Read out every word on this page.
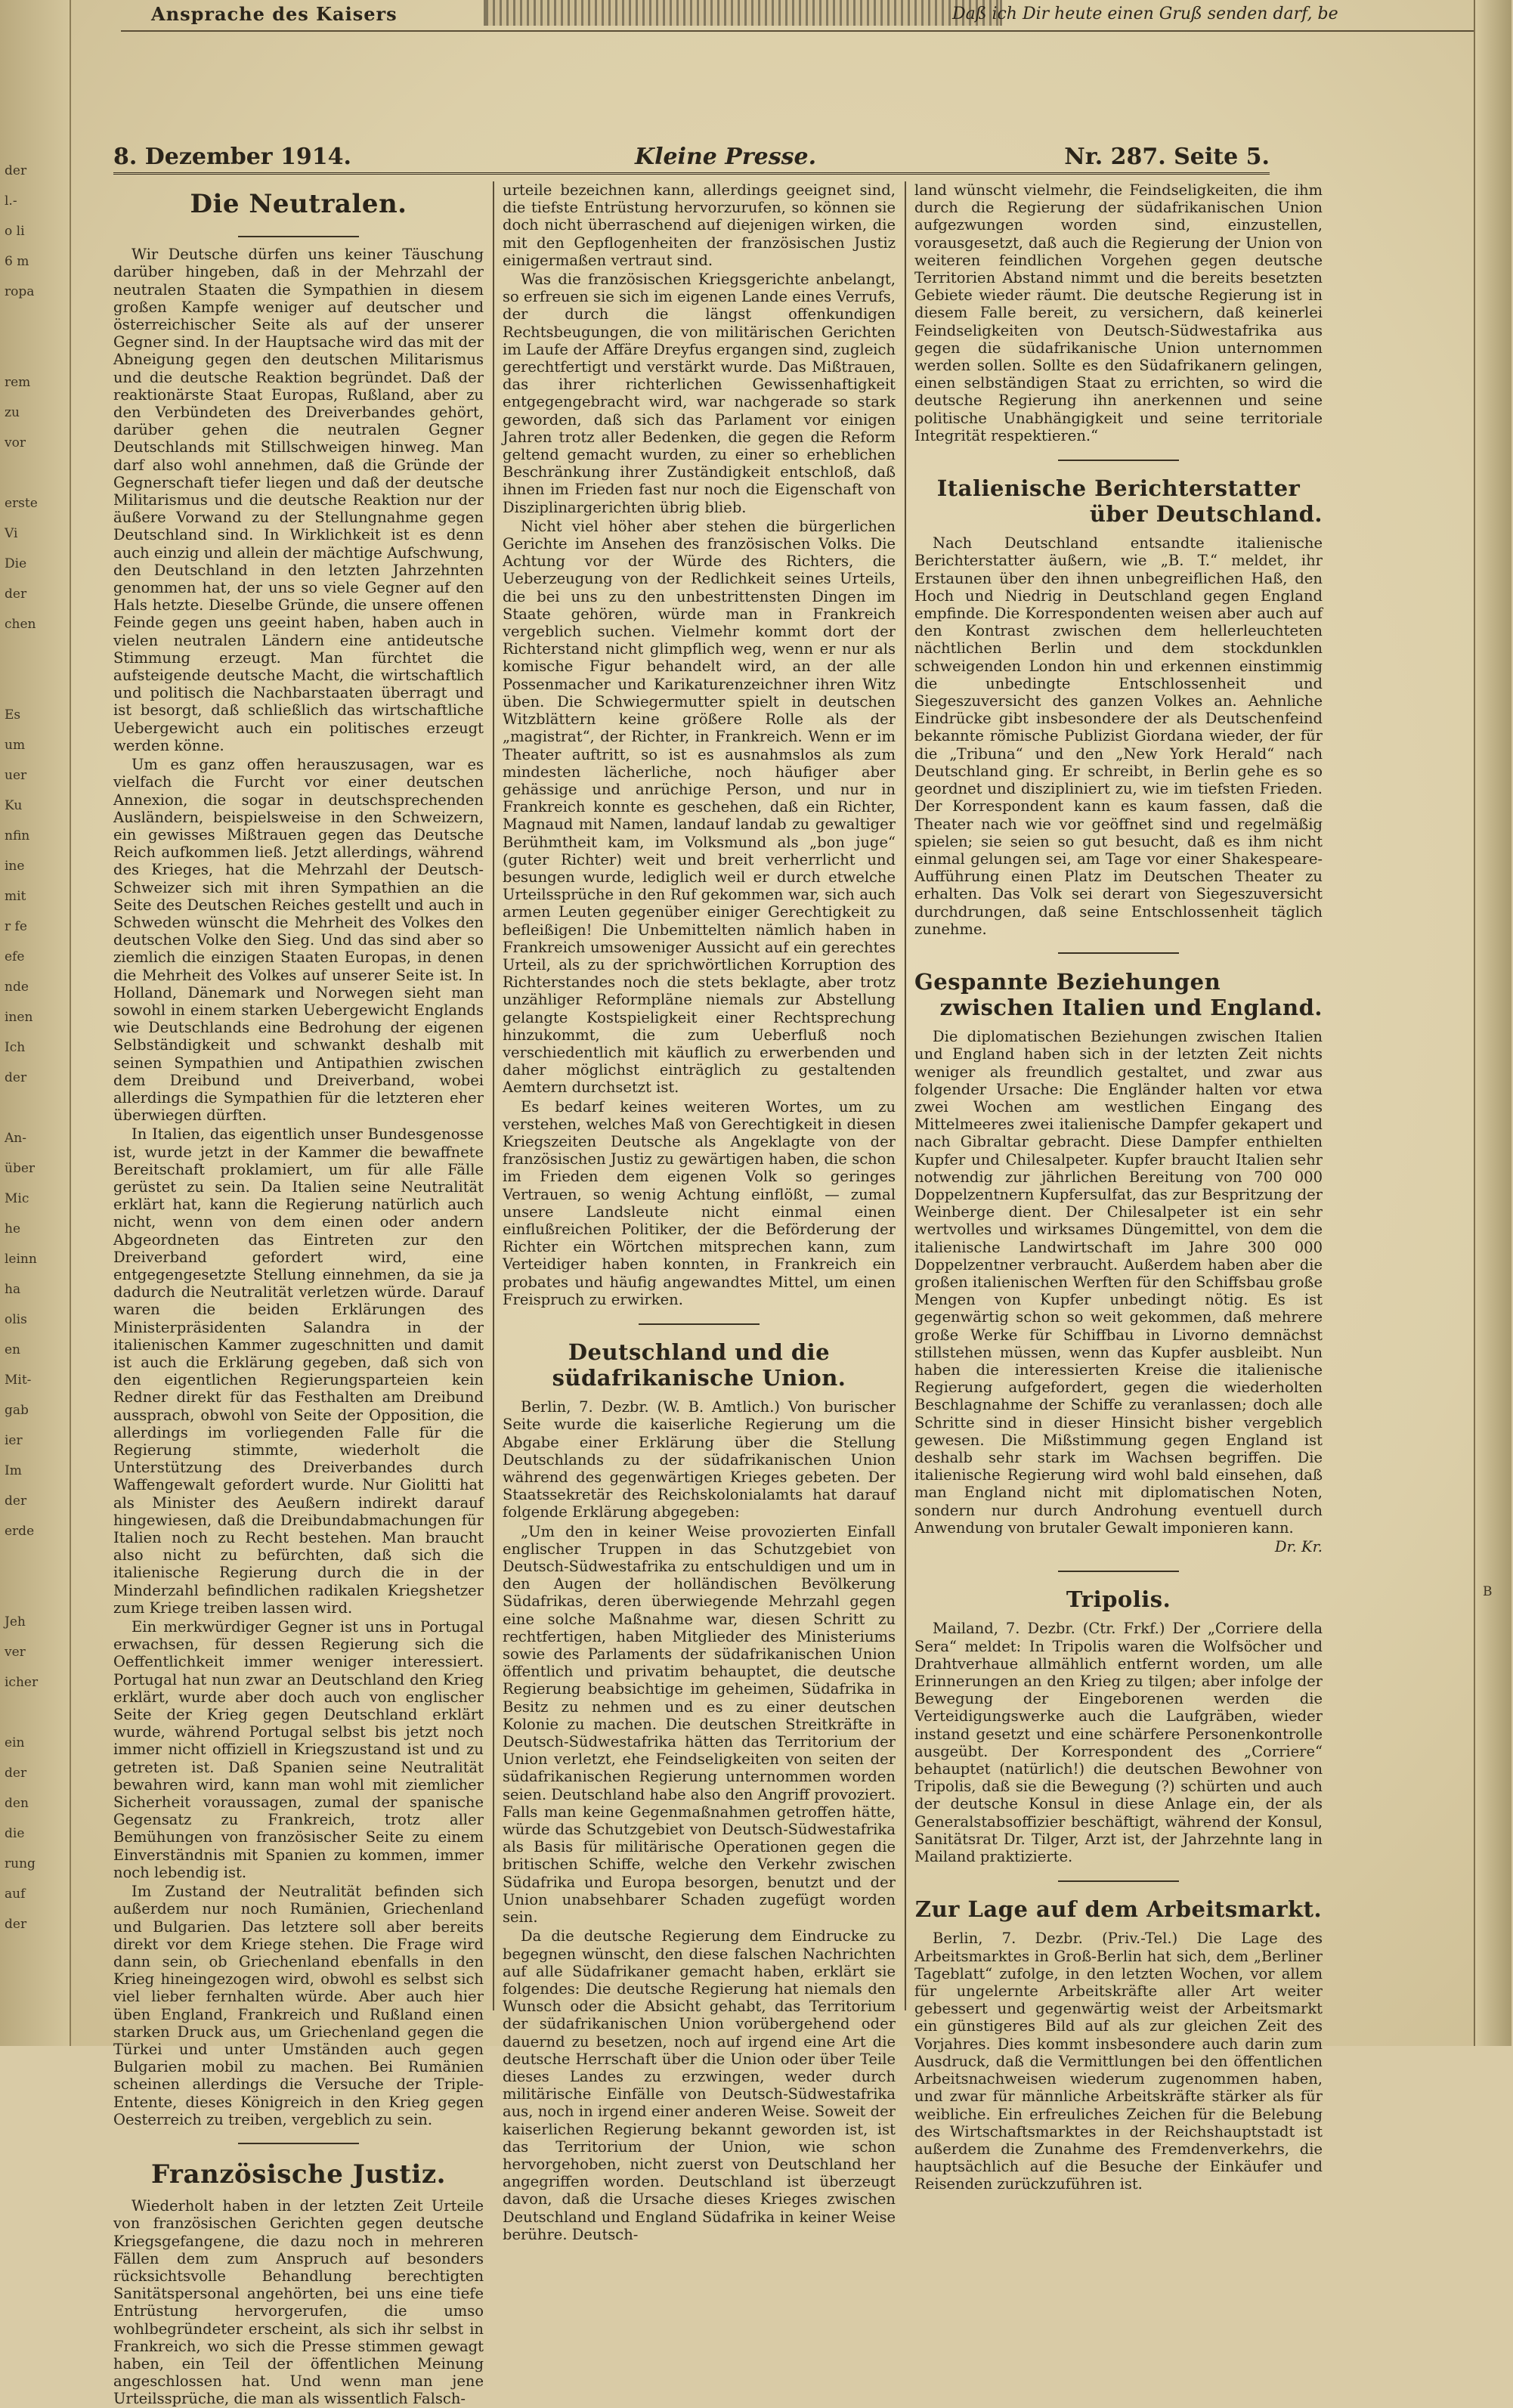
der
l.-
o li
6 m
ropa
rem
zu
vor
erste
Vi
Die
der
chen
Es
um
uer
Ku
nfin
ine
mit
r fe
efe
nde
inen
Ich
der
An-
über
Mic
he
leinn
ha
olis
en
Mit-
gab
ier
Im
der
erde
Jeh
ver
icher
ein
der
den
die
rung
auf
der
B
Ansprache des Kaisers	Daß ich Dir heute einen Gruß senden darf, be
8. Dezember 1914.	Kleine Presse.	Nr. 287. Seite 5.
Die Neutralen.

Wir Deutsche dürfen uns keiner Täuschung darüber hingeben, daß in der Mehrzahl der neutralen Staaten die Sympathien in diesem großen Kampfe weniger auf deutscher und österreichischer Seite als auf der unserer Gegner sind. In der Hauptsache wird das mit der Abneigung gegen den deutschen Militarismus und die deutsche Reaktion begründet. Daß der reaktionärste Staat Europas, Rußland, aber zu den Verbündeten des Dreiverbandes gehört, darüber gehen die neutralen Gegner Deutschlands mit Stillschweigen hinweg. Man darf also wohl annehmen, daß die Gründe der Gegnerschaft tiefer liegen und daß der deutsche Militarismus und die deutsche Reaktion nur der äußere Vorwand zu der Stellungnahme gegen Deutschland sind. In Wirklichkeit ist es denn auch einzig und allein der mächtige Aufschwung, den Deutschland in den letzten Jahrzehnten genommen hat, der uns so viele Gegner auf den Hals hetzte. Dieselbe Gründe, die unsere offenen Feinde gegen uns geeint haben, haben auch in vielen neutralen Ländern eine antideutsche Stimmung erzeugt. Man fürchtet die aufsteigende deutsche Macht, die wirtschaftlich und politisch die Nachbarstaaten überragt und ist besorgt, daß schließlich das wirtschaftliche Uebergewicht auch ein politisches erzeugt werden könne.

Um es ganz offen herauszusagen, war es vielfach die Furcht vor einer deutschen Annexion, die sogar in deutschsprechenden Ausländern, beispielsweise in den Schweizern, ein gewisses Mißtrauen gegen das Deutsche Reich aufkommen ließ. Jetzt allerdings, während des Krieges, hat die Mehrzahl der Deutsch-Schweizer sich mit ihren Sympathien an die Seite des Deutschen Reiches gestellt und auch in Schweden wünscht die Mehrheit des Volkes den deutschen Volke den Sieg. Und das sind aber so ziemlich die einzigen Staaten Europas, in denen die Mehrheit des Volkes auf unserer Seite ist. In Holland, Dänemark und Norwegen sieht man sowohl in einem starken Uebergewicht Englands wie Deutschlands eine Bedrohung der eigenen Selbständigkeit und schwankt deshalb mit seinen Sympathien und Antipathien zwischen dem Dreibund und Dreiverband, wobei allerdings die Sympathien für die letzteren eher überwiegen dürften.

In Italien, das eigentlich unser Bundesgenosse ist, wurde jetzt in der Kammer die bewaffnete Bereitschaft proklamiert, um für alle Fälle gerüstet zu sein. Da Italien seine Neutralität erklärt hat, kann die Regierung natürlich auch nicht, wenn von dem einen oder andern Abgeordneten das Eintreten zur den Dreiverband gefordert wird, eine entgegengesetzte Stellung einnehmen, da sie ja dadurch die Neutralität verletzen würde. Darauf waren die beiden Erklärungen des Ministerpräsidenten Salandra in der italienischen Kammer zugeschnitten und damit ist auch die Erklärung gegeben, daß sich von den eigentlichen Regierungsparteien kein Redner direkt für das Festhalten am Dreibund aussprach, obwohl von Seite der Opposition, die allerdings im vorliegenden Falle für die Regierung stimmte, wiederholt die Unterstützung des Dreiverbandes durch Waffengewalt gefordert wurde. Nur Giolitti hat als Minister des Aeußern indirekt darauf hingewiesen, daß die Dreibundabmachungen für Italien noch zu Recht bestehen. Man braucht also nicht zu befürchten, daß sich die italienische Regierung durch die in der Minderzahl befindlichen radikalen Kriegshetzer zum Kriege treiben lassen wird.

Ein merkwürdiger Gegner ist uns in Portugal erwachsen, für dessen Regierung sich die Oeffentlichkeit immer weniger interessiert. Portugal hat nun zwar an Deutschland den Krieg erklärt, wurde aber doch auch von englischer Seite der Krieg gegen Deutschland erklärt wurde, während Portugal selbst bis jetzt noch immer nicht offiziell in Kriegszustand ist und zu getreten ist. Daß Spanien seine Neutralität bewahren wird, kann man wohl mit ziemlicher Sicherheit voraussagen, zumal der spanische Gegensatz zu Frankreich, trotz aller Bemühungen von französischer Seite zu einem Einverständnis mit Spanien zu kommen, immer noch lebendig ist.

Im Zustand der Neutralität befinden sich außerdem nur noch Rumänien, Griechenland und Bulgarien. Das letztere soll aber bereits direkt vor dem Kriege stehen. Die Frage wird dann sein, ob Griechenland ebenfalls in den Krieg hineingezogen wird, obwohl es selbst sich viel lieber fernhalten würde. Aber auch hier üben England, Frankreich und Rußland einen starken Druck aus, um Griechenland gegen die Türkei und unter Umständen auch gegen Bulgarien mobil zu machen. Bei Rumänien scheinen allerdings die Versuche der Triple-Entente, dieses Königreich in den Krieg gegen Oesterreich zu treiben, vergeblich zu sein.

Französische Justiz.

Wiederholt haben in der letzten Zeit Urteile von französischen Gerichten gegen deutsche Kriegsgefangene, die dazu noch in mehreren Fällen dem zum Anspruch auf besonders rücksichtsvolle Behandlung berechtigten Sanitätspersonal angehörten, bei uns eine tiefe Entrüstung hervorgerufen, die umso wohlbegründeter erscheint, als sich ihr selbst in Frankreich, wo sich die Presse stimmen gewagt haben, ein Teil der öffentlichen Meinung angeschlossen hat. Und wenn man jene Urteilssprüche, die man als wissentlich Falsch-

urteile bezeichnen kann, allerdings geeignet sind, die tiefste Entrüstung hervorzurufen, so können sie doch nicht überraschend auf diejenigen wirken, die mit den Gepflogenheiten der französischen Justiz einigermaßen vertraut sind.

Was die französischen Kriegsgerichte anbelangt, so erfreuen sie sich im eigenen Lande eines Verrufs, der durch die längst offenkundigen Rechtsbeugungen, die von militärischen Gerichten im Laufe der Affäre Dreyfus ergangen sind, zugleich gerechtfertigt und verstärkt wurde. Das Mißtrauen, das ihrer richterlichen Gewissenhaftigkeit entgegengebracht wird, war nachgerade so stark geworden, daß sich das Parlament vor einigen Jahren trotz aller Bedenken, die gegen die Reform geltend gemacht wurden, zu einer so erheblichen Beschränkung ihrer Zuständigkeit entschloß, daß ihnen im Frieden fast nur noch die Eigenschaft von Disziplinargerichten übrig blieb.

Nicht viel höher aber stehen die bürgerlichen Gerichte im Ansehen des französischen Volks. Die Achtung vor der Würde des Richters, die Ueberzeugung von der Redlichkeit seines Urteils, die bei uns zu den unbestrittensten Dingen im Staate gehören, würde man in Frankreich vergeblich suchen. Vielmehr kommt dort der Richterstand nicht glimpflich weg, wenn er nur als komische Figur behandelt wird, an der alle Possenmacher und Karikaturenzeichner ihren Witz üben. Die Schwiegermutter spielt in deutschen Witzblättern keine größere Rolle als der „magistrat“, der Richter, in Frankreich. Wenn er im Theater auftritt, so ist es ausnahmslos als zum mindesten lächerliche, noch häufiger aber gehässige und anrüchige Person, und nur in Frankreich konnte es geschehen, daß ein Richter, Magnaud mit Namen, landauf landab zu gewaltiger Berühmtheit kam, im Volksmund als „bon juge“ (guter Richter) weit und breit verherrlicht und besungen wurde, lediglich weil er durch etwelche Urteilssprüche in den Ruf gekommen war, sich auch armen Leuten gegenüber einiger Gerechtigkeit zu befleißigen! Die Unbemittelten nämlich haben in Frankreich umsoweniger Aussicht auf ein gerechtes Urteil, als zu der sprichwörtlichen Korruption des Richterstandes noch die stets beklagte, aber trotz unzähliger Reformpläne niemals zur Abstellung gelangte Kostspieligkeit einer Rechtsprechung hinzukommt, die zum Ueberfluß noch verschiedentlich mit käuflich zu erwerbenden und daher möglichst einträglich zu gestaltenden Aemtern durchsetzt ist.

Es bedarf keines weiteren Wortes, um zu verstehen, welches Maß von Gerechtigkeit in diesen Kriegszeiten Deutsche als Angeklagte von der französischen Justiz zu gewärtigen haben, die schon im Frieden dem eigenen Volk so geringes Vertrauen, so wenig Achtung einflößt, — zumal unsere Landsleute nicht einmal einen einflußreichen Politiker, der die Beförderung der Richter ein Wörtchen mitsprechen kann, zum Verteidiger haben konnten, in Frankreich ein probates und häufig angewandtes Mittel, um einen Freispruch zu erwirken.

Deutschland und die südafrikanische Union.

Berlin, 7. Dezbr. (W. B. Amtlich.) Von burischer Seite wurde die kaiserliche Regierung um die Abgabe einer Erklärung über die Stellung Deutschlands zu der südafrikanischen Union während des gegenwärtigen Krieges gebeten. Der Staatssekretär des Reichskolonialamts hat darauf folgende Erklärung abgegeben:

„Um den in keiner Weise provozierten Einfall englischer Truppen in das Schutzgebiet von Deutsch-Südwestafrika zu entschuldigen und um in den Augen der holländischen Bevölkerung Südafrikas, deren überwiegende Mehrzahl gegen eine solche Maßnahme war, diesen Schritt zu rechtfertigen, haben Mitglieder des Ministeriums sowie des Parlaments der südafrikanischen Union öffentlich und privatim behauptet, die deutsche Regierung beabsichtige im geheimen, Südafrika in Besitz zu nehmen und es zu einer deutschen Kolonie zu machen. Die deutschen Streitkräfte in Deutsch-Südwestafrika hätten das Territorium der Union verletzt, ehe Feindseligkeiten von seiten der südafrikanischen Regierung unternommen worden seien. Deutschland habe also den Angriff provoziert. Falls man keine Gegenmaßnahmen getroffen hätte, würde das Schutzgebiet von Deutsch-Südwestafrika als Basis für militärische Operationen gegen die britischen Schiffe, welche den Verkehr zwischen Südafrika und Europa besorgen, benutzt und der Union unabsehbarer Schaden zugefügt worden sein.

Da die deutsche Regierung dem Eindrucke zu begegnen wünscht, den diese falschen Nachrichten auf alle Südafrikaner gemacht haben, erklärt sie folgendes: Die deutsche Regierung hat niemals den Wunsch oder die Absicht gehabt, das Territorium der südafrikanischen Union vorübergehend oder dauernd zu besetzen, noch auf irgend eine Art die deutsche Herrschaft über die Union oder über Teile dieses Landes zu erzwingen, weder durch militärische Einfälle von Deutsch-Südwestafrika aus, noch in irgend einer anderen Weise. Soweit der kaiserlichen Regierung bekannt geworden ist, ist das Territorium der Union, wie schon hervorgehoben, nicht zuerst von Deutschland her angegriffen worden. Deutschland ist überzeugt davon, daß die Ursache dieses Krieges zwischen Deutschland und England Südafrika in keiner Weise berühre. Deutsch-

land wünscht vielmehr, die Feindseligkeiten, die ihm durch die Regierung der südafrikanischen Union aufgezwungen worden sind, einzustellen, vorausgesetzt, daß auch die Regierung der Union von weiteren feindlichen Vorgehen gegen deutsche Territorien Abstand nimmt und die bereits besetzten Gebiete wieder räumt. Die deutsche Regierung ist in diesem Falle bereit, zu versichern, daß keinerlei Feindseligkeiten von Deutsch-Südwestafrika aus gegen die südafrikanische Union unternommen werden sollen. Sollte es den Südafrikanern gelingen, einen selbständigen Staat zu errichten, so wird die deutsche Regierung ihn anerkennen und seine politische Unabhängigkeit und seine territoriale Integrität respektieren.“

Italienische Berichterstatter
über Deutschland.

Nach Deutschland entsandte italienische Berichterstatter äußern, wie „B. T.“ meldet, ihr Erstaunen über den ihnen unbegreiflichen Haß, den Hoch und Niedrig in Deutschland gegen England empfinde. Die Korrespondenten weisen aber auch auf den Kontrast zwischen dem hellerleuchteten nächtlichen Berlin und dem stockdunklen schweigenden London hin und erkennen einstimmig die unbedingte Entschlossenheit und Siegeszuversicht des ganzen Volkes an. Aehnliche Eindrücke gibt insbesondere der als Deutschenfeind bekannte römische Publizist Giordana wieder, der für die „Tribuna“ und den „New York Herald“ nach Deutschland ging. Er schreibt, in Berlin gehe es so geordnet und diszipliniert zu, wie im tiefsten Frieden. Der Korrespondent kann es kaum fassen, daß die Theater nach wie vor geöffnet sind und regelmäßig spielen; sie seien so gut besucht, daß es ihm nicht einmal gelungen sei, am Tage vor einer Shakespeare-Aufführung einen Platz im Deutschen Theater zu erhalten. Das Volk sei derart von Siegeszuversicht durchdrungen, daß seine Entschlossenheit täglich zunehme.

Gespannte Beziehungen
zwischen Italien und England.

Die diplomatischen Beziehungen zwischen Italien und England haben sich in der letzten Zeit nichts weniger als freundlich gestaltet, und zwar aus folgender Ursache: Die Engländer halten vor etwa zwei Wochen am westlichen Eingang des Mittelmeeres zwei italienische Dampfer gekapert und nach Gibraltar gebracht. Diese Dampfer enthielten Kupfer und Chilesalpeter. Kupfer braucht Italien sehr notwendig zur jährlichen Bereitung von 700 000 Doppelzentnern Kupfersulfat, das zur Bespritzung der Weinberge dient. Der Chilesalpeter ist ein sehr wertvolles und wirksames Düngemittel, von dem die italienische Landwirtschaft im Jahre 300 000 Doppelzentner verbraucht. Außerdem haben aber die großen italienischen Werften für den Schiffsbau große Mengen von Kupfer unbedingt nötig. Es ist gegenwärtig schon so weit gekommen, daß mehrere große Werke für Schiffbau in Livorno demnächst stillstehen müssen, wenn das Kupfer ausbleibt. Nun haben die interessierten Kreise die italienische Regierung aufgefordert, gegen die wiederholten Beschlagnahme der Schiffe zu veranlassen; doch alle Schritte sind in dieser Hinsicht bisher vergeblich gewesen. Die Mißstimmung gegen England ist deshalb sehr stark im Wachsen begriffen. Die italienische Regierung wird wohl bald einsehen, daß man England nicht mit diplomatischen Noten, sondern nur durch Androhung eventuell durch Anwendung von brutaler Gewalt imponieren kann.

Dr. Kr.
Tripolis.

Mailand, 7. Dezbr. (Ctr. Frkf.) Der „Corriere della Sera“ meldet: In Tripolis waren die Wolfsöcher und Drahtverhaue allmählich entfernt worden, um alle Erinnerungen an den Krieg zu tilgen; aber infolge der Bewegung der Eingeborenen werden die Verteidigungswerke auch die Laufgräben, wieder instand gesetzt und eine schärfere Personenkontrolle ausgeübt. Der Korrespondent des „Corriere“ behauptet (natürlich!) die deutschen Bewohner von Tripolis, daß sie die Bewegung (?) schürten und auch der deutsche Konsul in diese Anlage ein, der als Generalstabsoffizier beschäftigt, während der Konsul, Sanitätsrat Dr. Tilger, Arzt ist, der Jahrzehnte lang in Mailand praktizierte.

Zur Lage auf dem Arbeitsmarkt.

Berlin, 7. Dezbr. (Priv.-Tel.) Die Lage des Arbeitsmarktes in Groß-Berlin hat sich, dem „Berliner Tageblatt“ zufolge, in den letzten Wochen, vor allem für ungelernte Arbeitskräfte aller Art weiter gebessert und gegenwärtig weist der Arbeitsmarkt ein günstigeres Bild auf als zur gleichen Zeit des Vorjahres. Dies kommt insbesondere auch darin zum Ausdruck, daß die Vermittlungen bei den öffentlichen Arbeitsnachweisen wiederum zugenommen haben, und zwar für männliche Arbeitskräfte stärker als für weibliche. Ein erfreuliches Zeichen für die Belebung des Wirtschaftsmarktes in der Reichshauptstadt ist außerdem die Zunahme des Fremdenverkehrs, die hauptsächlich auf die Besuche der Einkäufer und Reisenden zurückzuführen ist.
